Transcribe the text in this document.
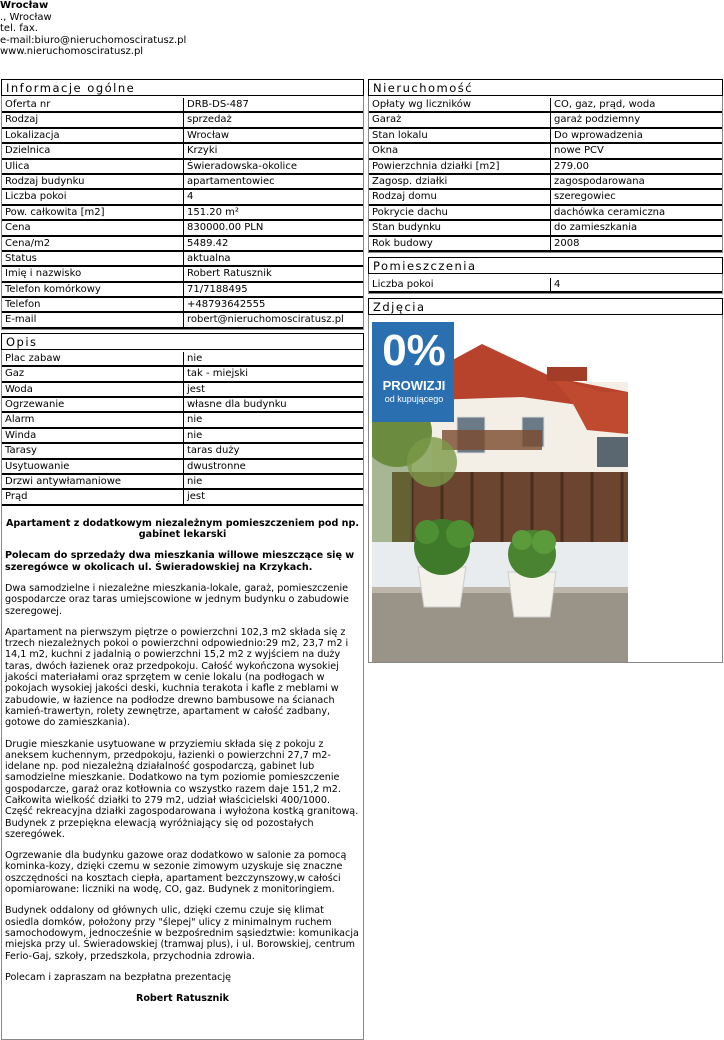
Wrocław
., Wrocław
tel. fax.
e-mail:biuro@nieruchomosciratusz.pl
www.nieruchomosciratusz.pl
Informacje ogólne
Oferta nr	DRB-DS-487
Rodzaj	sprzedaż
Lokalizacja	Wrocław
Dzielnica	Krzyki
Ulica	Świeradowska-okolice
Rodzaj budynku	apartamentowiec
Liczba pokoi	4
Pow. całkowita [m2]	151.20 m²
Cena	830000.00 PLN
Cena/m2	5489.42
Status	aktualna
Imię i nazwisko	Robert Ratusznik
Telefon komórkowy	71/7188495
Telefon	+48793642555
E-mail	robert@nieruchomosciratusz.pl
Opis
Plac zabaw	nie
Gaz	tak - miejski
Woda	jest
Ogrzewanie	własne dla budynku
Alarm	nie
Winda	nie
Tarasy	taras duży
Usytuowanie	dwustronne
Drzwi antywłamaniowe	nie
Prąd	jest

Apartament z dodatkowym niezależnym pomieszczeniem pod np. gabinet lekarski

Polecam do sprzedaży dwa mieszkania willowe mieszczące się w szeregówce w okolicach ul. Świeradowskiej na Krzykach.

Dwa samodzielne i niezależne mieszkania-lokale, garaż, pomieszczenie gospodarcze oraz taras umiejscowione w jednym budynku o zabudowie szeregowej.

Apartament na pierwszym piętrze o powierzchni 102,3 m2 składa się z trzech niezależnych pokoi o powierzchni odpowiednio:29 m2, 23,7 m2 i 14,1 m2, kuchni z jadalnią o powierzchni 15,2 m2 z wyjściem na duży taras, dwóch łazienek oraz przedpokoju. Całość wykończona wysokiej jakości materiałami oraz sprzętem w cenie lokalu (na podłogach w pokojach wysokiej jakości deski, kuchnia terakota i kafle z meblami w zabudowie, w łazience na podłodze drewno bambusowe na ścianach kamień-trawertyn, rolety zewnętrze, apartament w całość zadbany, gotowe do zamieszkania).

Drugie mieszkanie usytuowane w przyziemiu składa się z pokoju z aneksem kuchennym, przedpokoju, łazienki o powierzchni 27,7 m2-idelane np. pod niezależną działalność gospodarczą, gabinet lub samodzielne mieszkanie. Dodatkowo na tym poziomie pomieszczenie gospodarcze, garaż oraz kotłownia co wszystko razem daje 151,2 m2. Całkowita wielkość działki to 279 m2, udział właścicielski 400/1000. Część rekreacyjna działki zagospodarowana i wyłożona kostką granitową. Budynek z przepiękna elewacją wyróżniający się od pozostałych szeregówek.

Ogrzewanie dla budynku gazowe oraz dodatkowo w salonie za pomocą kominka-kozy, dzięki czemu w sezonie zimowym uzyskuje się znaczne oszczędności na kosztach ciepła, apartament bezczynszowy,w całości opomiarowane: liczniki na wodę, CO, gaz. Budynek z monitoringiem.

Budynek oddalony od głównych ulic, dzięki czemu czuje się klimat osiedla domków, położony przy "ślepej" ulicy z minimalnym ruchem samochodowym, jednocześnie w bezpośrednim sąsiedztwie: komunikacja miejska przy ul. Świeradowskiej (tramwaj plus), i ul. Borowskiej, centrum Ferio-Gaj, szkoły, przedszkola, przychodnia zdrowia.

Polecam i zapraszam na bezpłatna prezentację

Robert Ratusznik

Nieruchomość
Opłaty wg liczników	CO, gaz, prąd, woda
Garaż	garaż podziemny
Stan lokalu	Do wprowadzenia
Okna	nowe PCV
Powierzchnia działki [m2]	279.00
Zagosp. działki	zagospodarowana
Rodzaj domu	szeregowiec
Pokrycie dachu	dachówka ceramiczna
Stan budynku	do zamieszkania
Rok budowy	2008
Pomieszczenia
Liczba pokoi	4
Zdjęcia
0%
PROWIZJI
od kupującego
